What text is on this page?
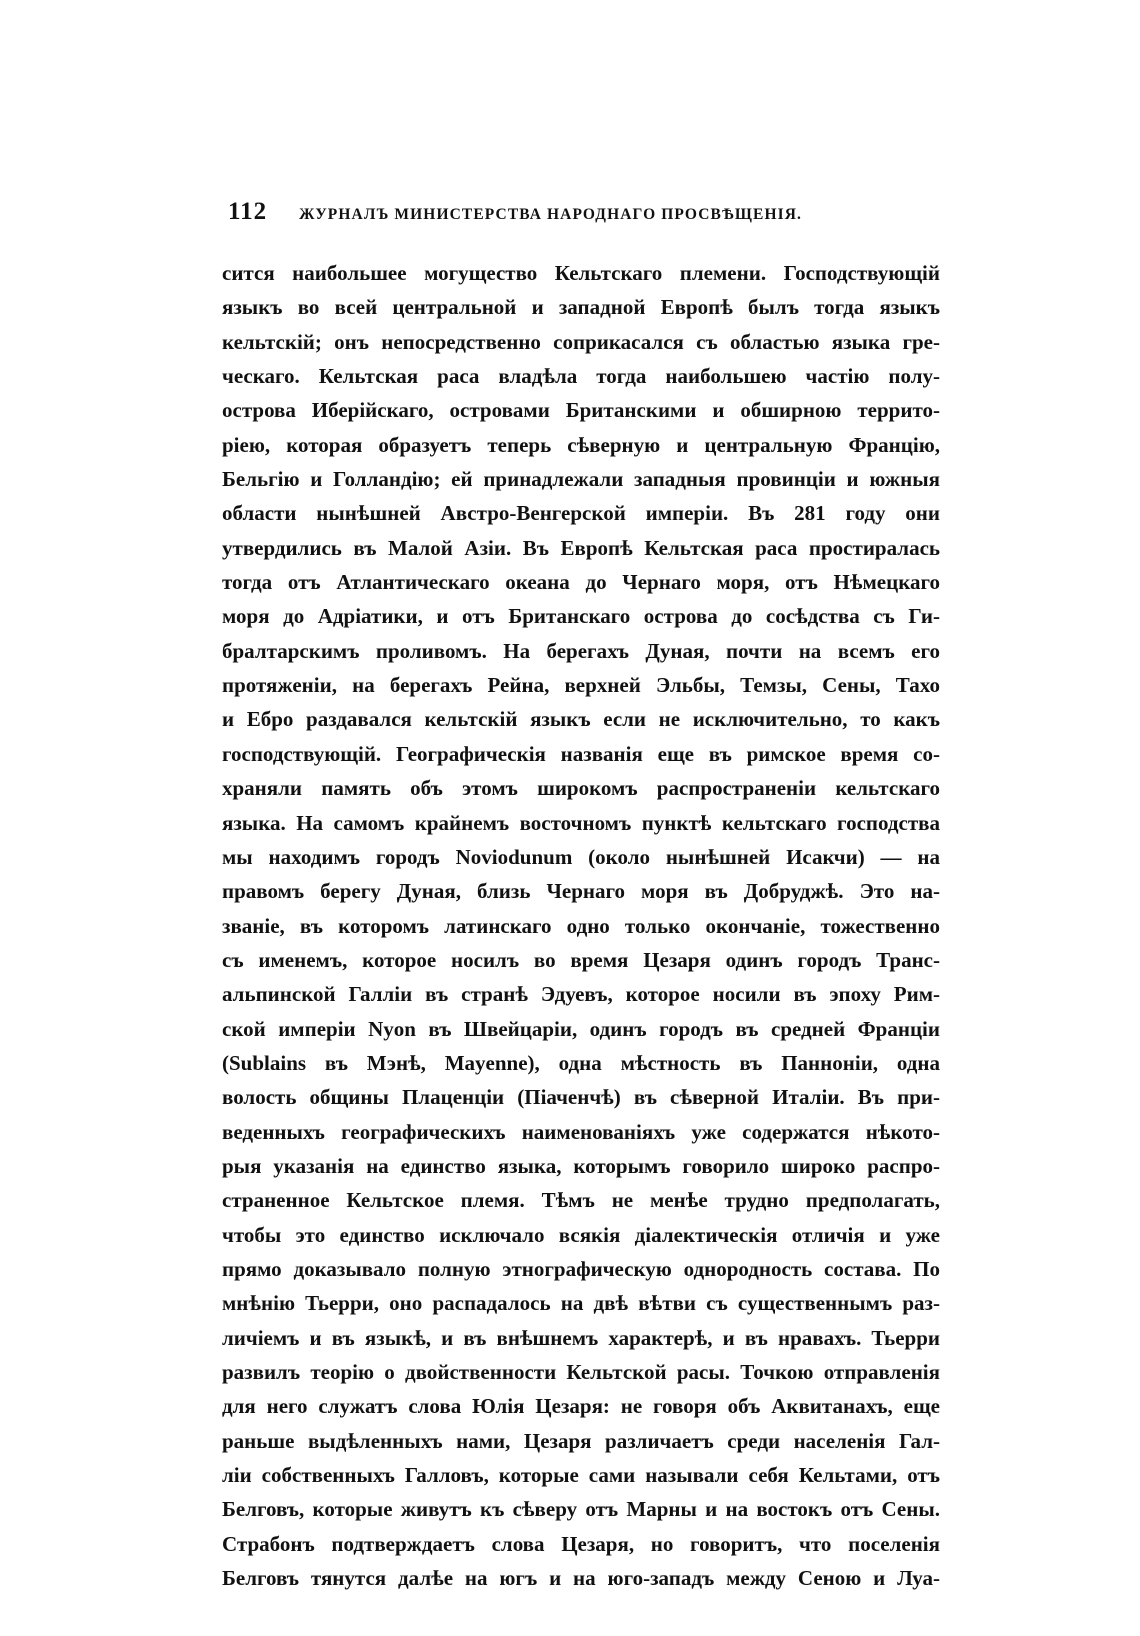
112 ЖУРНАЛЪ МИНИСТЕРСТВА НАРОДНАГО ПРОСВѢЩЕНІЯ.
сится наибольшее могущество Кельтскаго племени. Господствующій
языкъ во всей центральной и западной Европѣ былъ тогда языкъ
кельтскій; онъ непосредственно соприкасался съ областью языка гре-
ческаго. Кельтская раса владѣла тогда наибольшею частію полу-
острова Иберійскаго, островами Британскими и обширною террито-
ріею, которая образуетъ теперь сѣверную и центральную Францію,
Бельгію и Голландію; ей принадлежали западныя провинціи и южныя
области нынѣшней Австро-Венгерской имперіи. Въ 281 году они
утвердились въ Малой Азіи. Въ Европѣ Кельтская раса простиралась
тогда отъ Атлантическаго океана до Чернаго моря, отъ Нѣмецкаго
моря до Адріатики, и отъ Британскаго острова до сосѣдства съ Ги-
бралтарскимъ проливомъ. На берегахъ Дуная, почти на всемъ его
протяженіи, на берегахъ Рейна, верхней Эльбы, Темзы, Сены, Тахо
и Ебро раздавался кельтскій языкъ если не исключительно, то какъ
господствующій. Географическія названія еще въ римское время со-
храняли память объ этомъ широкомъ распространеніи кельтскаго
языка. На самомъ крайнемъ восточномъ пунктѣ кельтскаго господства
мы находимъ городъ Noviodunum (около нынѣшней Исакчи) — на
правомъ берегу Дуная, близь Чернаго моря въ Добруджѣ. Это на-
званіе, въ которомъ латинскаго одно только окончаніе, тожественно
съ именемъ, которое носилъ во время Цезаря одинъ городъ Транс-
альпинской Галліи въ странѣ Эдуевъ, которое носили въ эпоху Рим-
ской имперіи Nyon въ Швейцаріи, одинъ городъ въ средней Франціи
(Sublains въ Мэнѣ, Mayenne), одна мѣстность въ Панноніи, одна
волость общины Плаценціи (Піаченчѣ) въ сѣверной Италіи. Въ при-
веденныхъ географическихъ наименованіяхъ уже содержатся нѣкото-
рыя указанія на единство языка, которымъ говорило широко распро-
страненное Кельтское племя. Тѣмъ не менѣе трудно предполагать,
чтобы это единство исключало всякія діалектическія отличія и уже
прямо доказывало полную этнографическую однородность состава. По
мнѣнію Тьерри, оно распадалось на двѣ вѣтви съ существеннымъ раз-
личіемъ и въ языкѣ, и въ внѣшнемъ характерѣ, и въ нравахъ. Тьерри
развилъ теорію о двойственности Кельтской расы. Точкою отправленія
для него служатъ слова Юлія Цезаря: не говоря объ Аквитанахъ, еще
раньше выдѣленныхъ нами, Цезаря различаетъ среди населенія Гал-
ліи собственныхъ Галловъ, которые сами называли себя Кельтами, отъ
Белговъ, которые живутъ къ сѣверу отъ Марны и на востокъ отъ Сены.
Страбонъ подтверждаетъ слова Цезаря, но говоритъ, что поселенія
Белговъ тянутся далѣе на югъ и на юго-западъ между Сеною и Луа-
